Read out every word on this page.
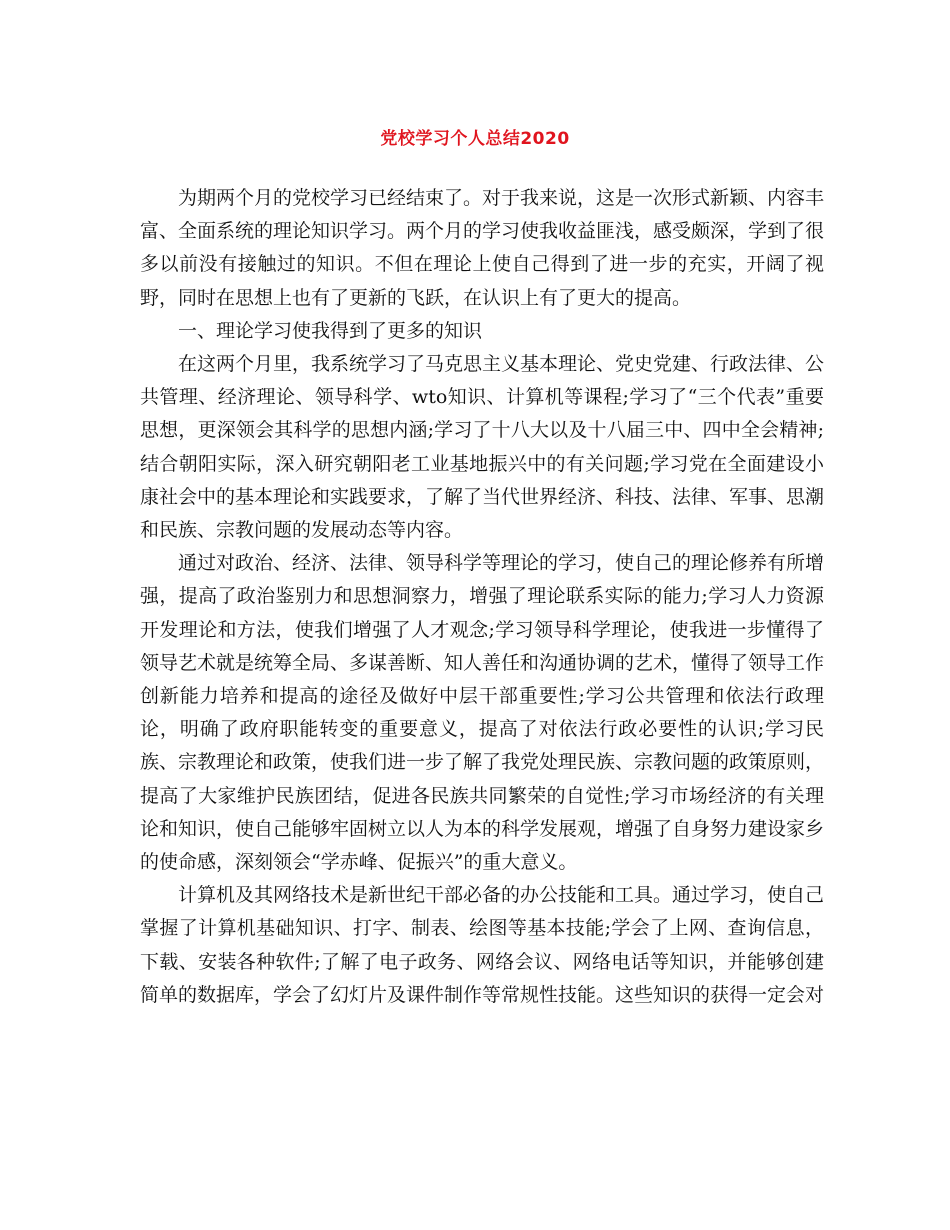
党校学习个人总结2020

为期两个月的党校学习已经结束了。对于我来说，这是一次形式新颖、内容丰富、全面系统的理论知识学习。两个月的学习使我收益匪浅，感受颇深，学到了很多以前没有接触过的知识。不但在理论上使自己得到了进一步的充实，开阔了视野，同时在思想上也有了更新的飞跃，在认识上有了更大的提高。

一、理论学习使我得到了更多的知识

在这两个月里，我系统学习了马克思主义基本理论、党史党建、行政法律、公共管理、经济理论、领导科学、wto知识、计算机等课程;学习了“三个代表”重要思想，更深领会其科学的思想内涵;学习了十八大以及十八届三中、四中全会精神;结合朝阳实际，深入研究朝阳老工业基地振兴中的有关问题;学习党在全面建设小康社会中的基本理论和实践要求，了解了当代世界经济、科技、法律、军事、思潮和民族、宗教问题的发展动态等内容。

通过对政治、经济、法律、领导科学等理论的学习，使自己的理论修养有所增强，提高了政治鉴别力和思想洞察力，增强了理论联系实际的能力;学习人力资源开发理论和方法，使我们增强了人才观念;学习领导科学理论，使我进一步懂得了领导艺术就是统筹全局、多谋善断、知人善任和沟通协调的艺术，懂得了领导工作创新能力培养和提高的途径及做好中层干部重要性;学习公共管理和依法行政理论，明确了政府职能转变的重要意义，提高了对依法行政必要性的认识;学习民族、宗教理论和政策，使我们进一步了解了我党处理民族、宗教问题的政策原则，提高了大家维护民族团结，促进各民族共同繁荣的自觉性;学习市场经济的有关理论和知识，使自己能够牢固树立以人为本的科学发展观，增强了自身努力建设家乡的使命感，深刻领会“学赤峰、促振兴”的重大意义。

计算机及其网络技术是新世纪干部必备的办公技能和工具。通过学习，使自己掌握了计算机基础知识、打字、制表、绘图等基本技能;学会了上网、查询信息，下载、安装各种软件;了解了电子政务、网络会议、网络电话等知识，并能够创建简单的数据库，学会了幻灯片及课件制作等常规性技能。这些知识的获得一定会对
